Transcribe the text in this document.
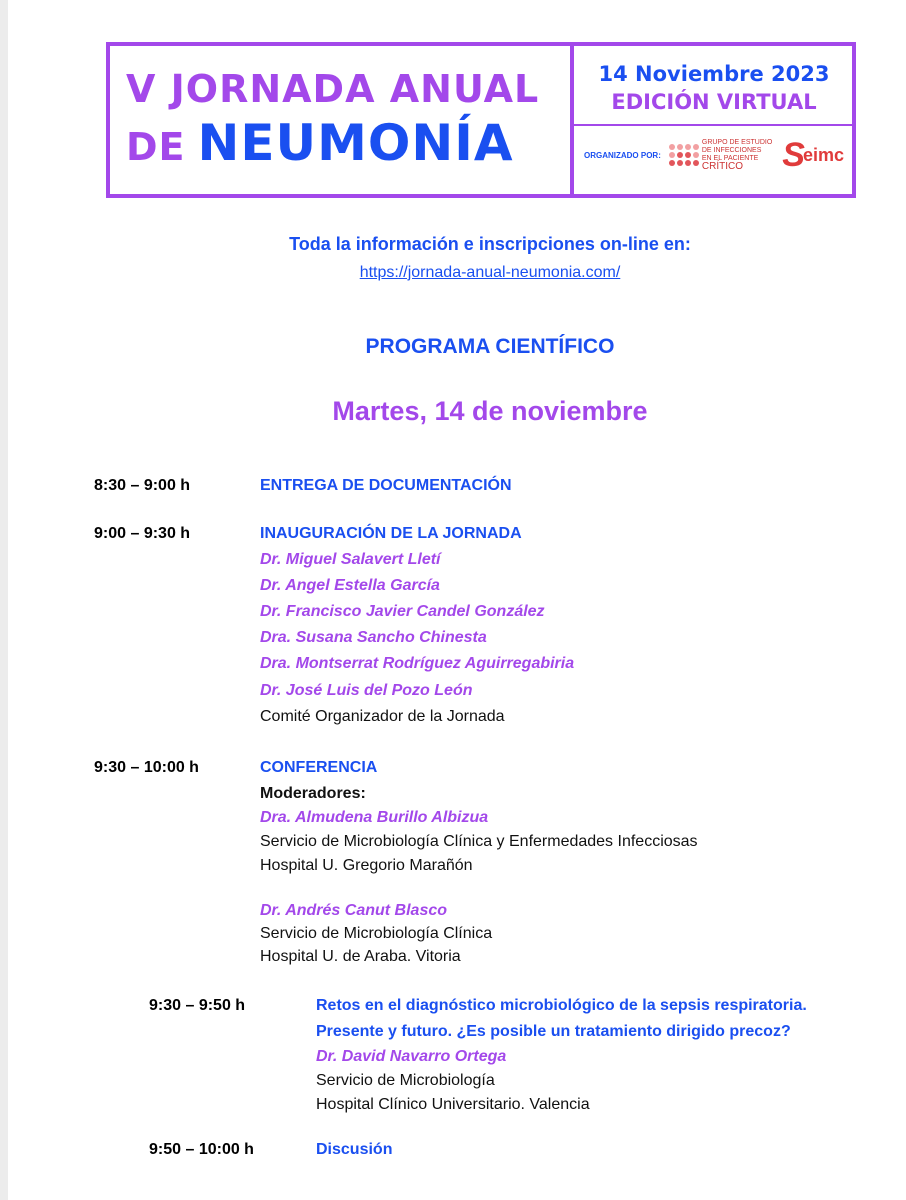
V JORNADA ANUAL
DE NEUMONÍA
14 Noviembre 2023
EDICIÓN VIRTUAL
ORGANIZADO POR:
GRUPO DE ESTUDIO
DE INFECCIONES
EN EL PACIENTE
CRÍTICO	S
eimc
Toda la información e inscripciones on-line en:
https://jornada-anual-neumonia.com/
PROGRAMA CIENTÍFICO
Martes, 14 de noviembre
8:30 – 9:00 h	ENTREGA DE DOCUMENTACIÓN
9:00 – 9:30 h	INAUGURACIÓN DE LA JORNADA
Dr. Miguel Salavert Lletí
Dr. Angel Estella García
Dr. Francisco Javier Candel González
Dra. Susana Sancho Chinesta
Dra. Montserrat Rodríguez Aguirregabiria
Dr. José Luis del Pozo León
Comité Organizador de la Jornada
9:30 – 10:00 h	CONFERENCIA
Moderadores:
Dra. Almudena Burillo Albizua
Servicio de Microbiología Clínica y Enfermedades Infecciosas
Hospital U. Gregorio Marañón
Dr. Andrés Canut Blasco
Servicio de Microbiología Clínica
Hospital U. de Araba. Vitoria
9:30 – 9:50 h	Retos en el diagnóstico microbiológico de la sepsis respiratoria.
Presente y futuro. ¿Es posible un tratamiento dirigido precoz?
Dr. David Navarro Ortega
Servicio de Microbiología
Hospital Clínico Universitario. Valencia
9:50 – 10:00 h	Discusión
